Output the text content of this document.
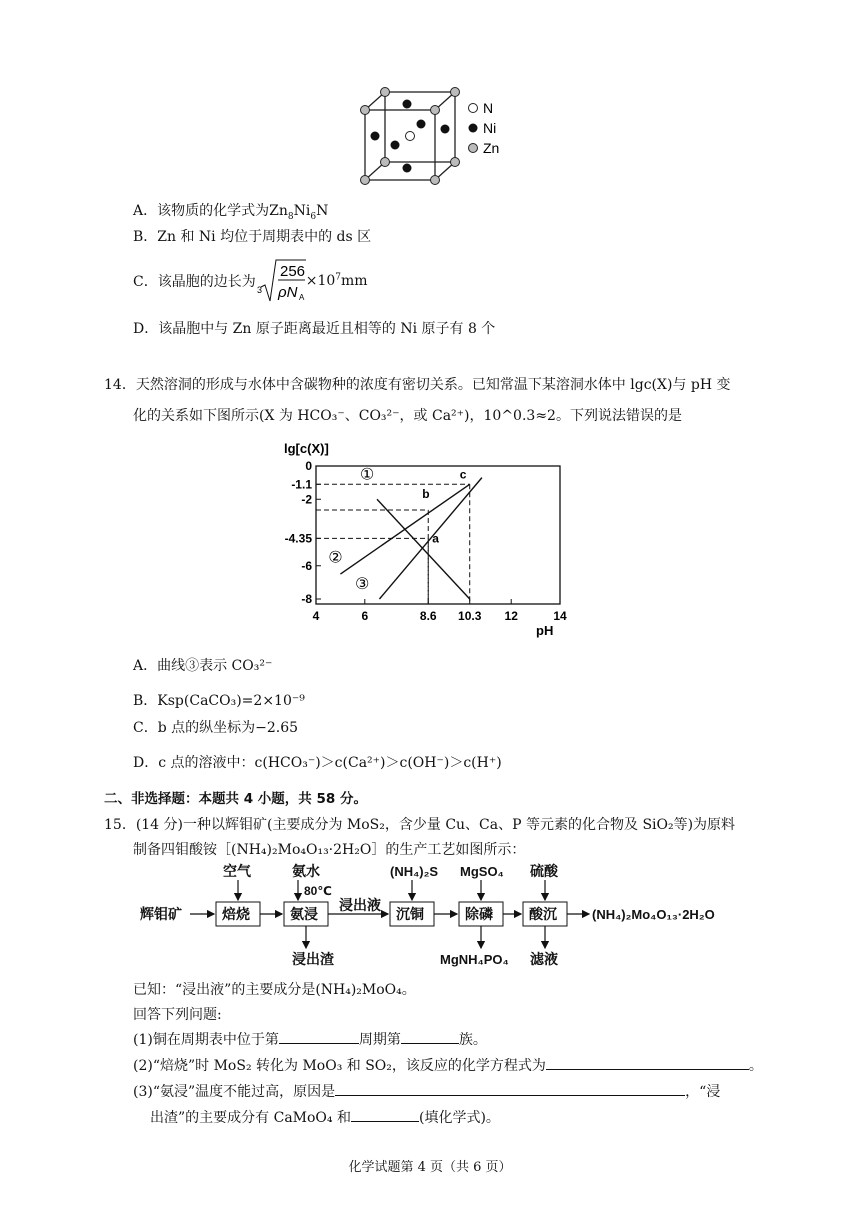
N
Ni
Zn
A．该物质的化学式为$Zn_8Ni_6N$
B．Zn 和 Ni 均位于周期表中的 ds 区
C．该晶胞的边长为 3
256
ρN A
$\times 10^7mm$
D．该晶胞中与 Zn 原子距离最近且相等的 Ni 原子有 8 个
14．天然溶洞的形成与水体中含碳物种的浓度有密切关系。已知常温下某溶洞水体中 lgc(X)与 pH 变
化的关系如下图所示(X 为 HCO₃⁻、CO₃²⁻，或 Ca²⁺)，10^0.3≈2。下列说法错误的是
lg[c(X)]
pH
0
-1.1
-2
-4.35
-6
-8
4	6	8.6 10.3 12	14
①
②
③
a
b
c
A．曲线③表示 CO₃²⁻
B．Ksp(CaCO₃)=2×10⁻⁹
C．b 点的纵坐标为−2.65
D．c 点的溶液中：c(HCO₃⁻)＞c(Ca²⁺)＞c(OH⁻)＞c(H⁺)
二、非选择题：本题共 4 小题，共 58 分。
15．(14 分)一种以辉钼矿(主要成分为 MoS₂，含少量 Cu、Ca、P 等元素的化合物及 SiO₂等)为原料
制备四钼酸铵［(NH₄)₂Mo₄O₁₃·2H₂O］的生产工艺如图所示：
辉钼矿	焙烧	氨浸	沉铜	除磷	酸沉
空气	氨水
80℃
(NH₄)₂S MgSO₄ 硫酸
浸出液
浸出渣	MgNH₄PO₄ 滤液
(NH₄)₂Mo₄O₁₃·2H₂O
已知：“浸出液”的主要成分是(NH₄)₂MoO₄。
回答下列问题:
(1)铜在周期表中位于第	周期第	族。
(2)“焙烧”时 MoS₂ 转化为 MoO₃ 和 SO₂，该反应的化学方程式为	。
(3)“氨浸”温度不能过高，原因是	，“浸
出渣”的主要成分有 CaMoO₄ 和	(填化学式)。
化学试题第 4 页（共 6 页）
